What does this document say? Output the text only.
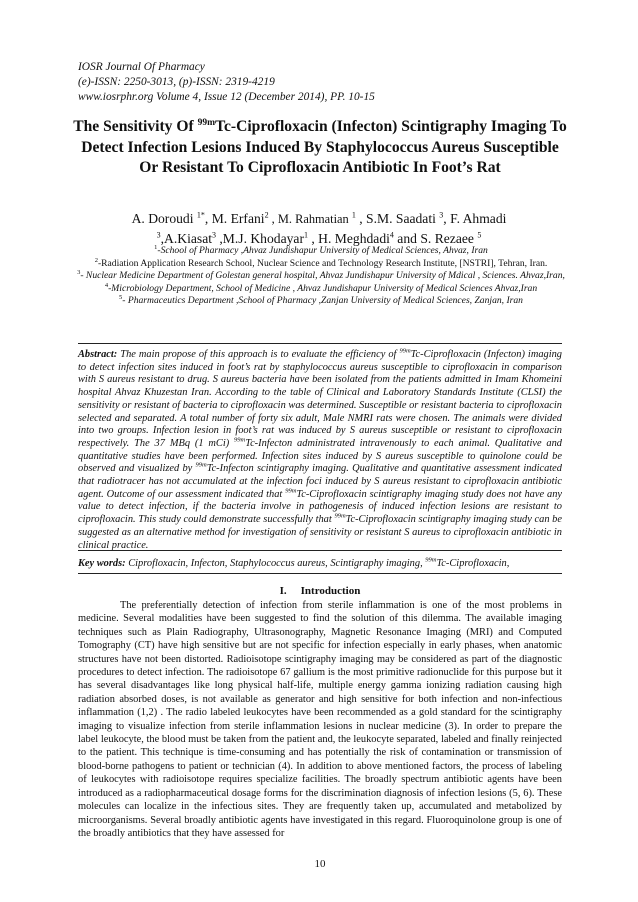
IOSR Journal Of Pharmacy
(e)-ISSN: 2250-3013, (p)-ISSN: 2319-4219
www.iosrphr.org Volume 4, Issue 12 (December 2014), PP. 10-15
The Sensitivity Of $^{99m}$Tc-Ciprofloxacin (Infecton) Scintigraphy Imaging To Detect Infection Lesions Induced By Staphylococcus Aureus Susceptible Or Resistant To Ciprofloxacin Antibiotic In Foot’s Rat
A. Doroudi $^{1*}$, M. Erfani$^2$ , M. Rahmatian $^1$ , S.M. Saadati $^3$, F. Ahmadi
$^3$,A.Kiasat$^3$ ,M.J. Khodayar$^1$ , H. Meghdadi$^4$ and S. Rezaee $^5$
$^1$-School of Pharmacy ,Ahvaz Jundishapur University of Medical Sciences, Ahvaz, Iran
$^2$-Radiation Application Research School, Nuclear Science and Technology Research Institute, [NSTRI], Tehran, Iran.
$^3$- Nuclear Medicine Department of Golestan general hospital, Ahvaz Jundishapur University of Mdical , Sciences. Ahvaz,Iran,
$^4$-Microbiology Department, School of Medicine , Ahvaz Jundishapur University of Medical Sciences Ahvaz,Iran
$^5$- Pharmaceutics Department ,School of Pharmacy ,Zanjan University of Medical Sciences, Zanjan, Iran
Abstract: The main propose of this approach is to evaluate the efficiency of $^{99m}$Tc-Ciprofloxacin (Infecton) imaging to detect infection sites induced in foot’s rat by staphylococcus aureus susceptible to ciprofloxacin in comparison with S aureus resistant to drug. S aureus bacteria have been isolated from the patients admitted in Imam Khomeini hospital Ahvaz Khuzestan Iran. According to the table of Clinical and Laboratory Standards Institute (CLSI) the sensitivity or resistant of bacteria to ciprofloxacin was determined. Susceptible or resistant bacteria to ciprofloxacin selected and separated. A total number of forty six adult, Male NMRI rats were chosen. The animals were divided into two groups. Infection lesion in foot’s rat was induced by S aureus susceptible or resistant to ciprofloxacin respectively. The 37 MBq (1 mCi) $^{99m}$Tc-Infecton administrated intravenously to each animal. Qualitative and quantitative studies have been performed. Infection sites induced by S aureus susceptible to quinolone could be observed and visualized by $^{99m}$Tc-Infecton scintigraphy imaging. Qualitative and quantitative assessment indicated that radiotracer has not accumulated at the infection foci induced by S aureus resistant to ciprofloxacin antibiotic agent. Outcome of our assessment indicated that $^{99m}$Tc-Ciprofloxacin scintigraphy imaging study does not have any value to detect infection, if the bacteria involve in pathogenesis of induced infection lesions are resistant to ciprofloxacin. This study could demonstrate successfully that $^{99m}$Tc-Ciprofloxacin scintigraphy imaging study can be suggested as an alternative method for investigation of sensitivity or resistant S aureus to ciprofloxacin antibiotic in clinical practice.
Key words: Ciprofloxacin, Infecton, Staphylococcus aureus, Scintigraphy imaging, $^{99m}$Tc-Ciprofloxacin,
I. Introduction
The preferentially detection of infection from sterile inflammation is one of the most problems in medicine. Several modalities have been suggested to find the solution of this dilemma. The available imaging techniques such as Plain Radiography, Ultrasonography, Magnetic Resonance Imaging (MRI) and Computed Tomography (CT) have high sensitive but are not specific for infection especially in early phases, when anatomic structures have not been distorted. Radioisotope scintigraphy imaging may be considered as part of the diagnostic procedures to detect infection. The radioisotope 67 gallium is the most primitive radionuclide for this purpose but it has several disadvantages like long physical half-life, multiple energy gamma ionizing radiation causing high radiation absorbed doses, is not available as generator and high sensitive for both infection and non-infectious inflammation (1,2) . The radio labeled leukocytes have been recommended as a gold standard for the scintigraphy imaging to visualize infection from sterile inflammation lesions in nuclear medicine (3). In order to prepare the label leukocyte, the blood must be taken from the patient and, the leukocyte separated, labeled and finally reinjected to the patient. This technique is time-consuming and has potentially the risk of contamination or transmission of blood-borne pathogens to patient or technician (4). In addition to above mentioned factors, the process of labeling of leukocytes with radioisotope requires specialize facilities. The broadly spectrum antibiotic agents have been introduced as a radiopharmaceutical dosage forms for the discrimination diagnosis of infection lesions (5, 6). These molecules can localize in the infectious sites. They are frequently taken up, accumulated and metabolized by microorganisms. Several broadly antibiotic agents have investigated in this regard. Fluoroquinolone group is one of the broadly antibiotics that they have assessed for
10
